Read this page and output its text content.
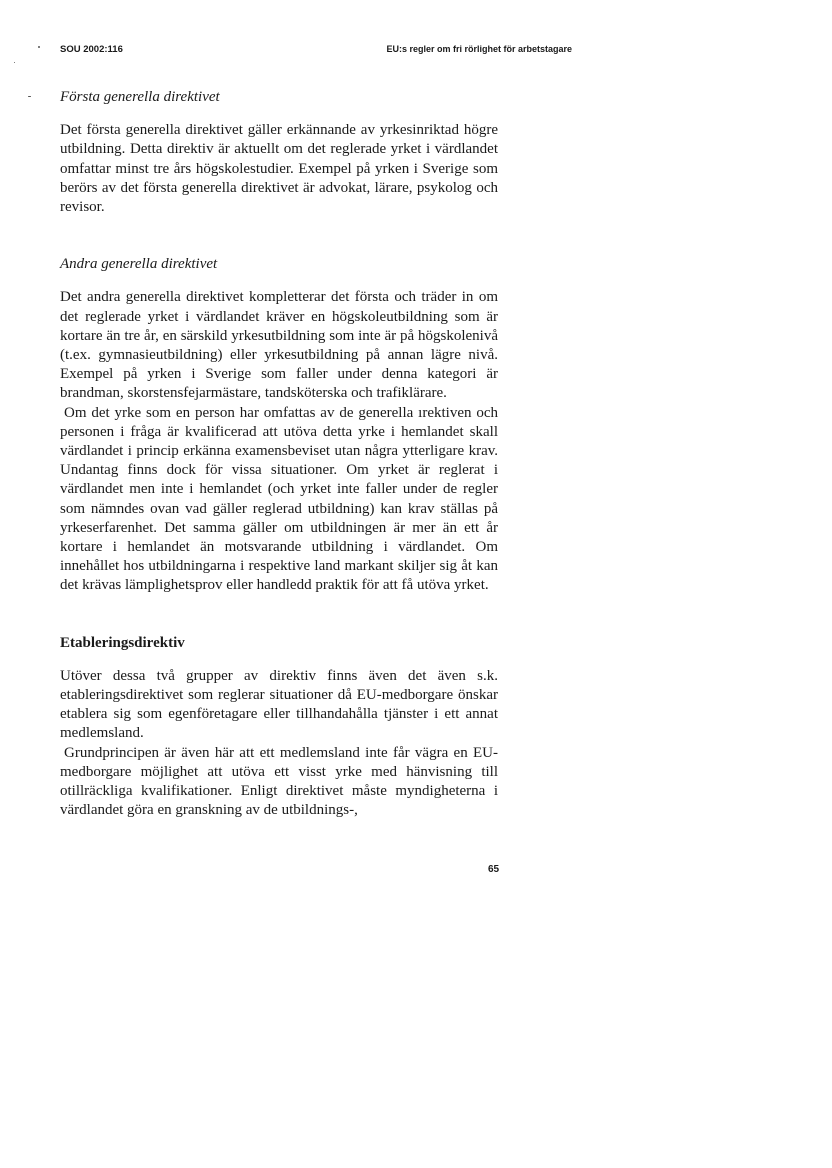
SOU 2002:116	EU:s regler om fri rörlighet för arbetstagare
Första generella direktivet

Det första generella direktivet gäller erkännande av yrkesinriktad högre utbildning. Detta direktiv är aktuellt om det reglerade yrket i värdlandet omfattar minst tre års högskolestudier. Exempel på yrken i Sverige som berörs av det första generella direktivet är advokat, lärare, psykolog och revisor.

Andra generella direktivet

Det andra generella direktivet kompletterar det första och träder in om det reglerade yrket i värdlandet kräver en högskoleutbildning som är kortare än tre år, en särskild yrkesutbildning som inte är på högskolenivå (t.ex. gymnasieutbildning) eller yrkesutbildning på annan lägre nivå. Exempel på yrken i Sverige som faller under denna kategori är brandman, skorstensfejarmästare, tandsköterska och trafiklärare.

Om det yrke som en person har omfattas av de generella ırektiven och personen i fråga är kvalificerad att utöva detta yrke i hemlandet skall värdlandet i princip erkänna examensbeviset utan några ytterligare krav. Undantag finns dock för vissa situationer. Om yrket är reglerat i värdlandet men inte i hemlandet (och yrket inte faller under de regler som nämndes ovan vad gäller reglerad utbildning) kan krav ställas på yrkeserfarenhet. Det samma gäller om utbildningen är mer än ett år kortare i hemlandet än motsvarande utbildning i värdlandet. Om innehållet hos utbildningarna i respektive land markant skiljer sig åt kan det krävas lämplighetsprov eller handledd praktik för att få utöva yrket.

Etableringsdirektiv

Utöver dessa två grupper av direktiv finns även det även s.k. etableringsdirektivet som reglerar situationer då EU-medborgare önskar etablera sig som egenföretagare eller tillhandahålla tjänster i ett annat medlemsland.

Grundprincipen är även här att ett medlemsland inte får vägra en EU-medborgare möjlighet att utöva ett visst yrke med hänvisning till otillräckliga kvalifikationer. Enligt direktivet måste myndigheterna i värdlandet göra en granskning av de utbildnings-,

65
